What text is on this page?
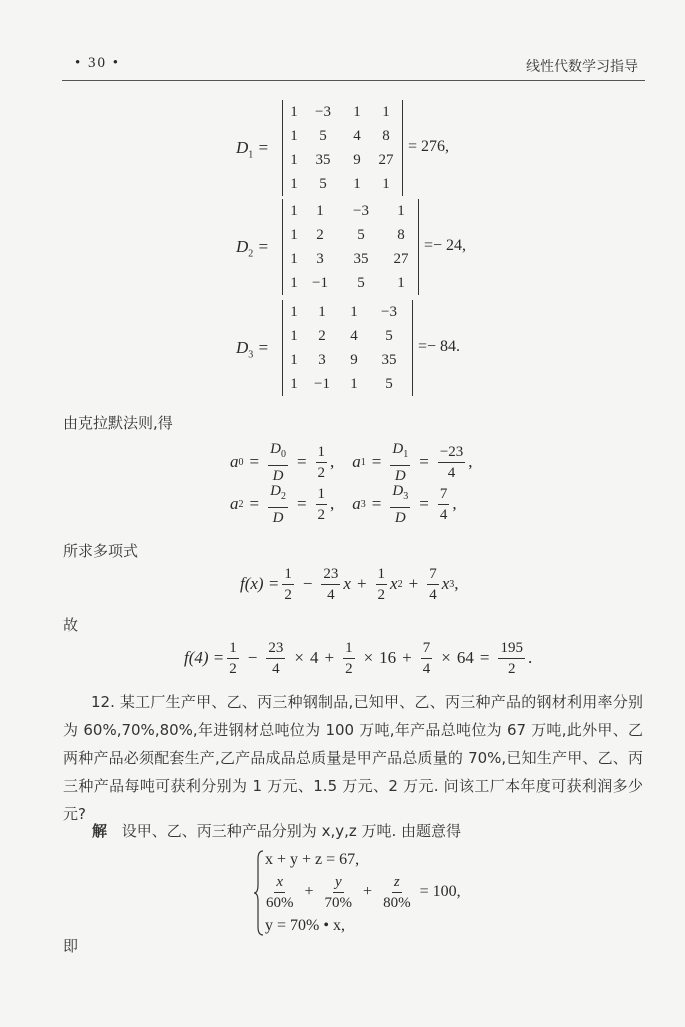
• 30 •	线性代数学习指导
$D_1$ =
1	−3	1	1
1	5	4	8
1	35	9	27
1	5	1	1
= 276,
$D_2$ =
1	1	−3	1
1	2	5	8
1	3	35	27
1	−1	5	1
=− 24,
$D_3$ =
1	1	1	−3
1	2	4	5
1	3	9	35
1	−1	1	5
=− 84.
由克拉默法则,得
a $0 = \frac{D_0}{D} = \frac{1}{2}$ , a $1 = \frac{D_1}{D} = \frac{-23}{4}$ ,
a $2 = \frac{D_2}{D} = \frac{1}{2}$ , a $3 = \frac{D_3}{D} = \frac{7}{4}$ ,
所求多项式
$f(x) = \frac{1}{2} - \frac{23}{4}$ $x + \frac{1}{2}$ x $2 + \frac{7}{4}$ x 3 ,
故
$f(4) = \frac{1}{2} - \frac{23}{4} \times 4 + \frac{1}{2} \times 16 + \frac{7}{4} \times 64 = \frac{195}{2}$ .
12. 某工厂生产甲、乙、丙三种钢制品,已知甲、乙、丙三种产品的钢材利用率分别为 60%,70%,80%,年进钢材总吨位为 100 万吨,年产品总吨位为 67 万吨,此外甲、乙两种产品必须配套生产,乙产品成品总质量是甲产品总质量的 70%,已知生产甲、乙、丙三种产品每吨可获利分别为 1 万元、1.5 万元、2 万元. 问该工厂本年度可获利润多少元?
解 设甲、乙、丙三种产品分别为 x,y,z 万吨. 由题意得
x + y + z = 67,
$\frac{x}{60\%} + \frac{y}{70\%} + \frac{z}{80\%} = 100$,
y = 70% • x,
即
